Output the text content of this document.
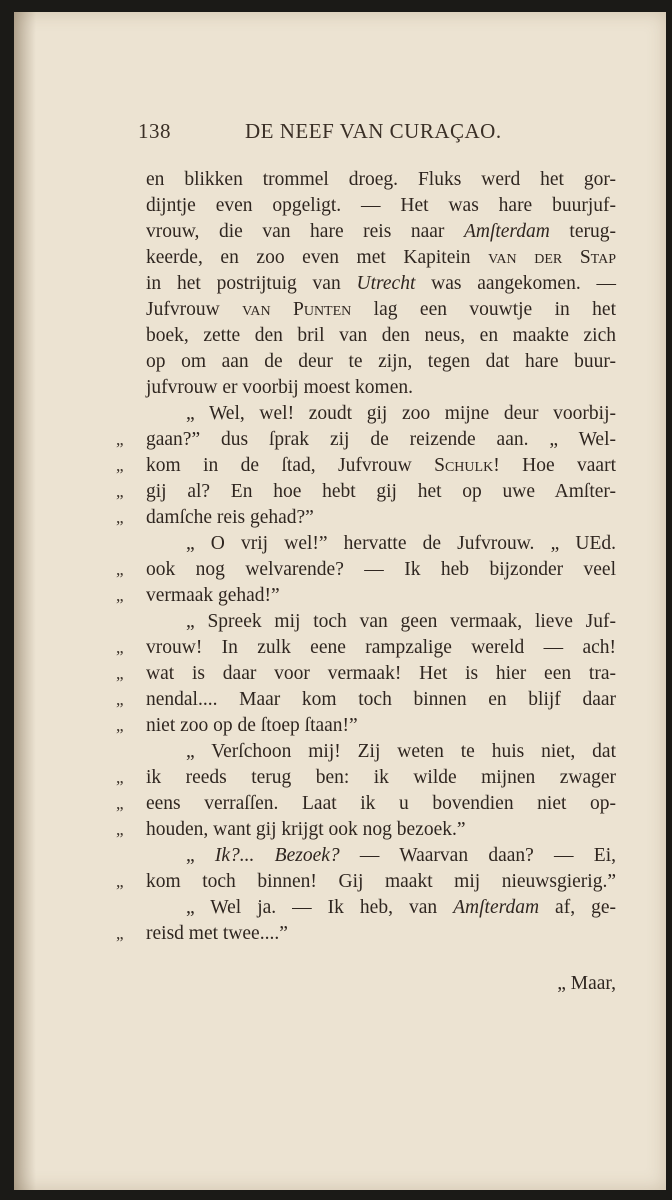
138	DE NEEF VAN CURAÇAO.
en blikken trommel droeg. Fluks werd het gor-
dijntje even opgeligt. — Het was hare buurjuf-
vrouw, die van hare reis naar Amſterdam terug-
keerde, en zoo even met Kapitein van der Stap
in het postrijtuig van Utrecht was aangekomen. —
Jufvrouw van Punten lag een vouwtje in het
boek, zette den bril van den neus, en maakte zich
op om aan de deur te zijn, tegen dat hare buur-
jufvrouw er voorbij moest komen.
„ Wel, wel! zoudt gij zoo mijne deur voorbij-
„	gaan?” dus ſprak zij de reizende aan. „ Wel-
„	kom in de ſtad, Jufvrouw Schulk! Hoe vaart
„	gij al? En hoe hebt gij het op uwe Amſter-
„	damſche reis gehad?”
„ O vrij wel!” hervatte de Jufvrouw. „ UEd.
„	ook nog welvarende? — Ik heb bijzonder veel
„	vermaak gehad!”
„ Spreek mij toch van geen vermaak, lieve Juf-
„	vrouw! In zulk eene rampzalige wereld — ach!
„	wat is daar voor vermaak! Het is hier een tra-
„	nendal.... Maar kom toch binnen en blijf daar
„	niet zoo op de ſtoep ſtaan!”
„ Verſchoon mij! Zij weten te huis niet, dat
„	ik reeds terug ben: ik wilde mijnen zwager
„	eens verraſſen. Laat ik u bovendien niet op-
„	houden, want gij krijgt ook nog bezoek.”
„ Ik?... Bezoek? — Waarvan daan? — Ei,
„	kom toch binnen! Gij maakt mij nieuwsgierig.”
„ Wel ja. — Ik heb, van Amſterdam af, ge-
„	reisd met twee....”
„ Maar,
